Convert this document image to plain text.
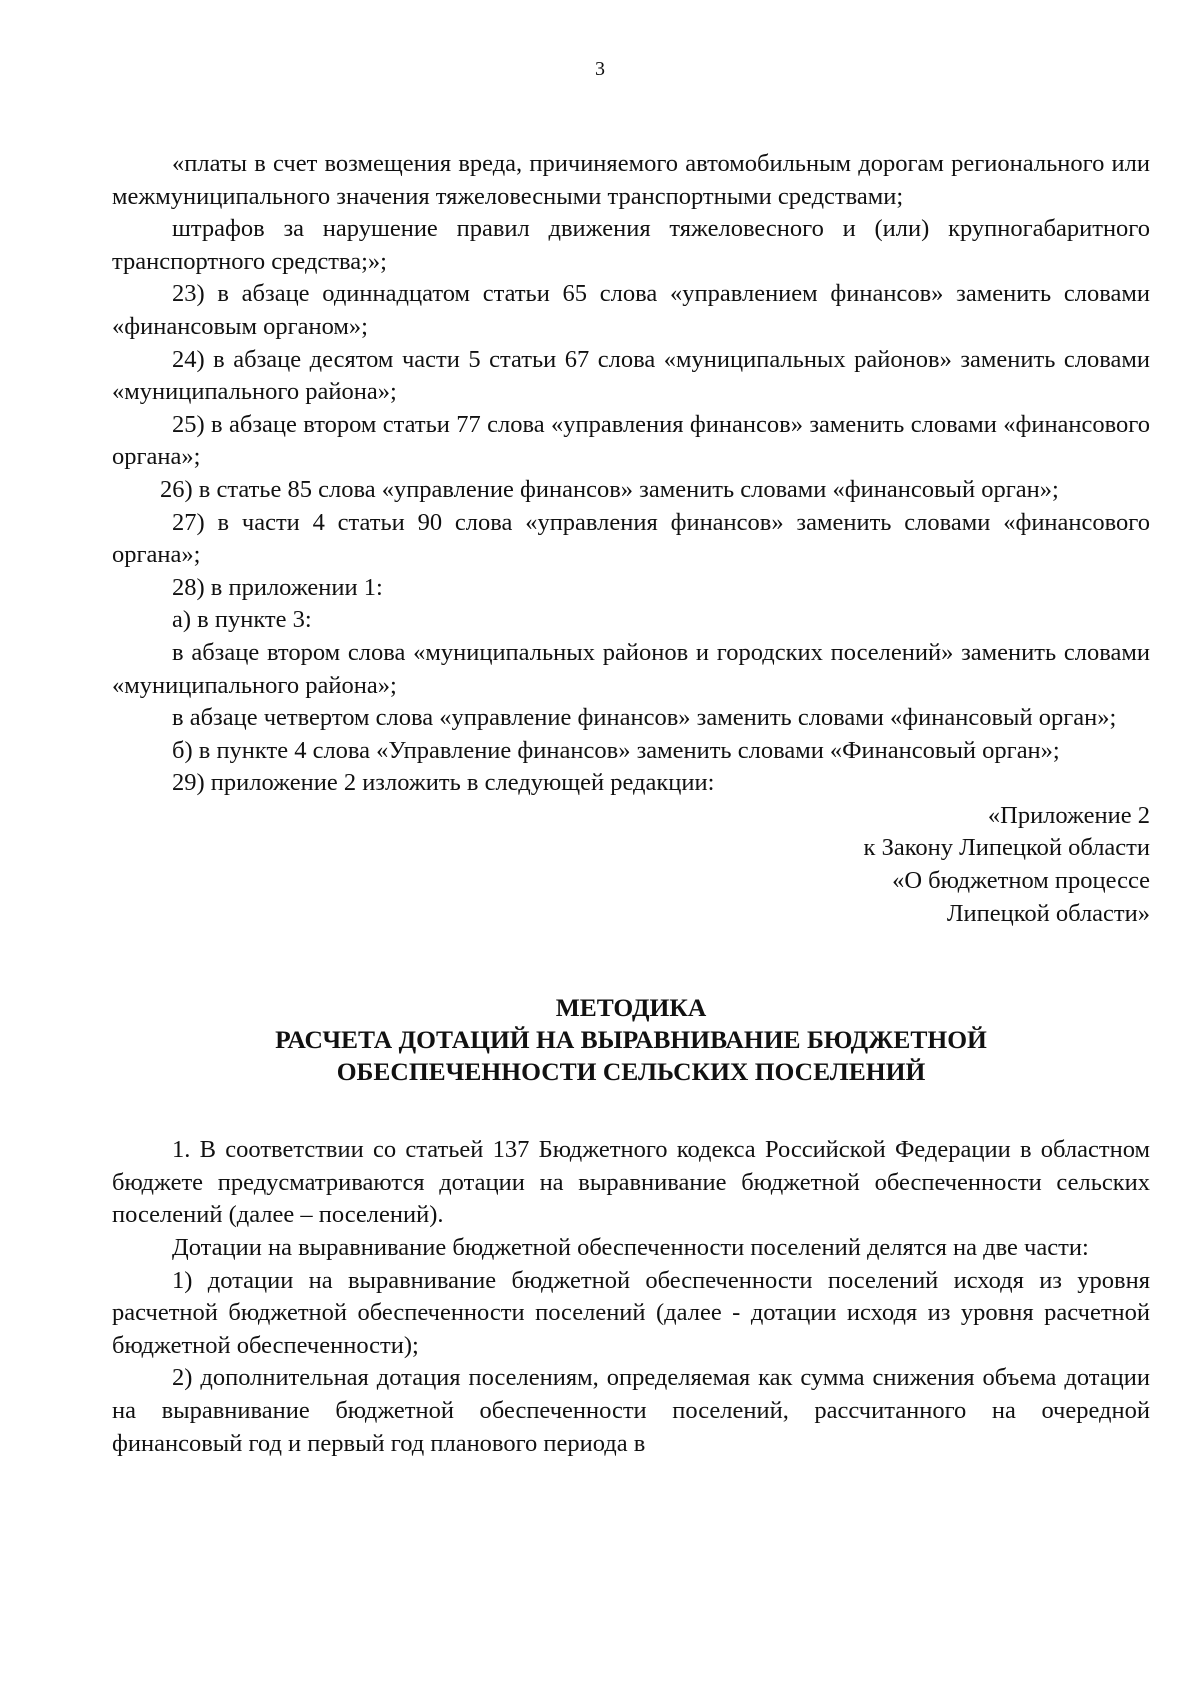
3

«платы в счет возмещения вреда, причиняемого автомобильным дорогам регионального или межмуниципального значения тяжеловесными транспортными средствами;

штрафов за нарушение правил движения тяжеловесного и (или) крупногабаритного транспортного средства;»;

23) в абзаце одиннадцатом статьи 65 слова «управлением финансов» заменить словами «финансовым органом»;

24) в абзаце десятом части 5 статьи 67 слова «муниципальных районов» заменить словами «муниципального района»;

25) в абзаце втором статьи 77 слова «управления финансов» заменить словами «финансового органа»;

26) в статье 85 слова «управление финансов» заменить словами «финансовый орган»;

27) в части 4 статьи 90 слова «управления финансов» заменить словами «финансового органа»;

28) в приложении 1:

а) в пункте 3:

в абзаце втором слова «муниципальных районов и городских поселений» заменить словами «муниципального района»;

в абзаце четвертом слова «управление финансов» заменить словами «финансовый орган»;

б) в пункте 4 слова «Управление финансов» заменить словами «Финансовый орган»;

29) приложение 2 изложить в следующей редакции:

«Приложение 2
к Закону Липецкой области
«О бюджетном процессе
Липецкой области»
МЕТОДИКА
РАСЧЕТА ДОТАЦИЙ НА ВЫРАВНИВАНИЕ БЮДЖЕТНОЙ
ОБЕСПЕЧЕННОСТИ СЕЛЬСКИХ ПОСЕЛЕНИЙ

1. В соответствии со статьей 137 Бюджетного кодекса Российской Федерации в областном бюджете предусматриваются дотации на выравнивание бюджетной обеспеченности сельских поселений (далее – поселений).

Дотации на выравнивание бюджетной обеспеченности поселений делятся на две части:

1) дотации на выравнивание бюджетной обеспеченности поселений исходя из уровня расчетной бюджетной обеспеченности поселений (далее - дотации исходя из уровня расчетной бюджетной обеспеченности);

2) дополнительная дотация поселениям, определяемая как сумма снижения объема дотации на выравнивание бюджетной обеспеченности поселений, рассчитанного на очередной финансовый год и первый год планового периода в
